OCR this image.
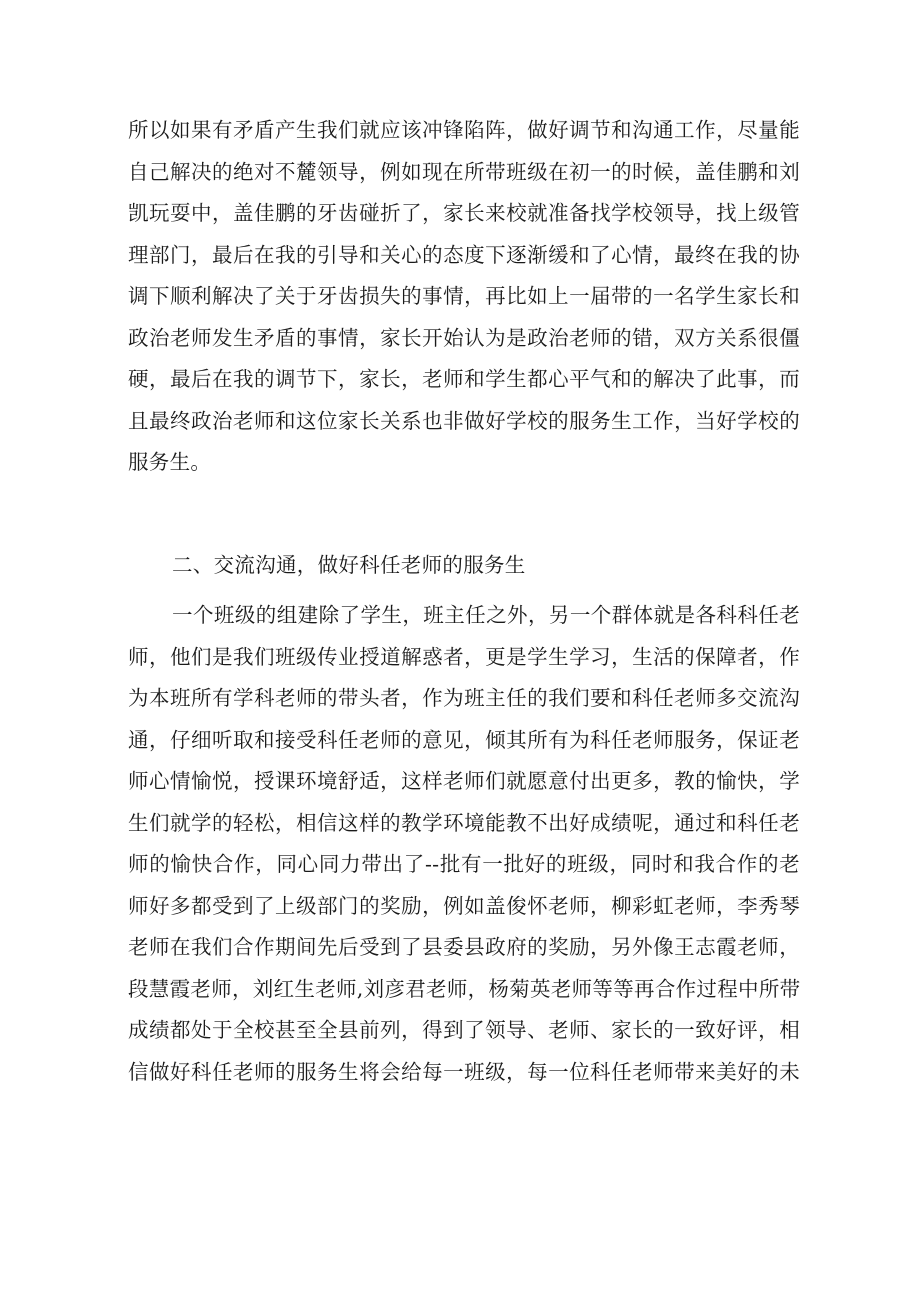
所以如果有矛盾产生我们就应该冲锋陷阵，做好调节和沟通工作，尽量能
自己解决的绝对不麓领导，例如现在所带班级在初一的时候，盖佳鹏和刘
凯玩耍中，盖佳鹏的牙齿碰折了，家长来校就准备找学校领导，找上级管
理部门，最后在我的引导和关心的态度下逐渐缓和了心情，最终在我的协
调下顺利解决了关于牙齿损失的事情，再比如上一届带的一名学生家长和
政治老师发生矛盾的事情，家长开始认为是政治老师的错，双方关系很僵
硬，最后在我的调节下，家长，老师和学生都心平气和的解决了此事，而
且最终政治老师和这位家长关系也非做好学校的服务生工作，当好学校的
服务生。
二、交流沟通，做好科任老师的服务生
一个班级的组建除了学生，班主任之外，另一个群体就是各科科任老
师，他们是我们班级传业授道解惑者，更是学生学习，生活的保障者，作
为本班所有学科老师的带头者，作为班主任的我们要和科任老师多交流沟
通，仔细听取和接受科任老师的意见，倾其所有为科任老师服务，保证老
师心情愉悦，授课环境舒适，这样老师们就愿意付出更多，教的愉快，学
生们就学的轻松，相信这样的教学环境能教不出好成绩呢，通过和科任老
师的愉快合作，同心同力带出了--批有一批好的班级，同时和我合作的老
师好多都受到了上级部门的奖励，例如盖俊怀老师，柳彩虹老师，李秀琴
老师在我们合作期间先后受到了县委县政府的奖励，另外像王志霞老师，
段慧霞老师，刘红生老师,刘彦君老师，杨菊英老师等等再合作过程中所带
成绩都处于全校甚至全县前列，得到了领导、老师、家长的一致好评，相
信做好科任老师的服务生将会给每一班级，每一位科任老师带来美好的未
